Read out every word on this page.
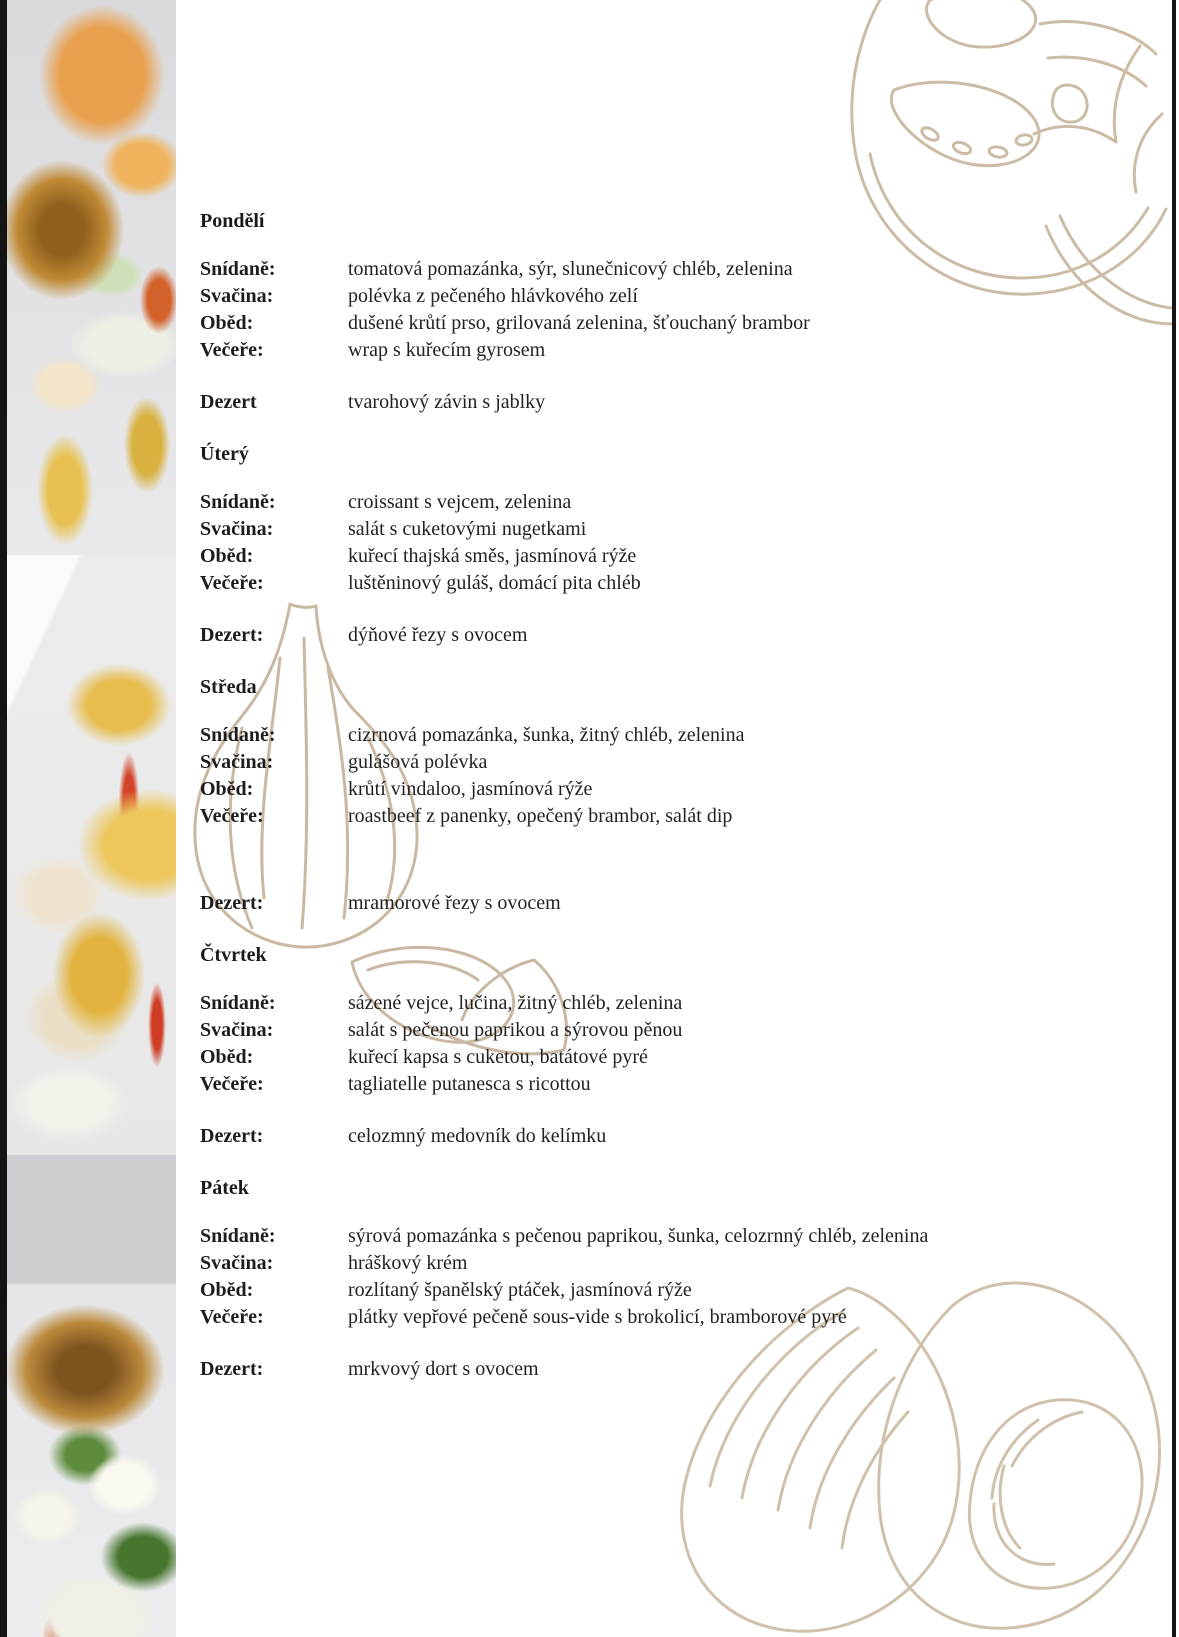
Pondělí
Snídaně:	tomatová pomazánka, sýr, slunečnicový chléb, zelenina
Svačina:	polévka z pečeného hlávkového zelí
Oběd:	dušené krůtí prso, grilovaná zelenina, šťouchaný brambor
Večeře:	wrap s kuřecím gyrosem
Dezert	tvarohový závin s jablky
Úterý
Snídaně:	croissant s vejcem, zelenina
Svačina:	salát s cuketovými nugetkami
Oběd:	kuřecí thajská směs, jasmínová rýže
Večeře:	luštěninový guláš, domácí pita chléb
Dezert:	dýňové řezy s ovocem
Středa
Snídaně:	cizrnová pomazánka, šunka, žitný chléb, zelenina
Svačina:	gulášová polévka
Oběd:	krůtí vindaloo, jasmínová rýže
Večeře:	roastbeef z panenky, opečený brambor, salát dip
Dezert:	mramorové řezy s ovocem
Čtvrtek
Snídaně:	sázené vejce, lučina, žitný chléb, zelenina
Svačina:	salát s pečenou paprikou a sýrovou pěnou
Oběd:	kuřecí kapsa s cuketou, batátové pyré
Večeře:	tagliatelle putanesca s ricottou
Dezert:	celozmný medovník do kelímku
Pátek
Snídaně:	sýrová pomazánka s pečenou paprikou, šunka, celozrnný chléb, zelenina
Svačina:	hráškový krém
Oběd:	rozlítaný španělský ptáček, jasmínová rýže
Večeře:	plátky vepřové pečeně sous-vide s brokolicí, bramborové pyré
Dezert:	mrkvový dort s ovocem
